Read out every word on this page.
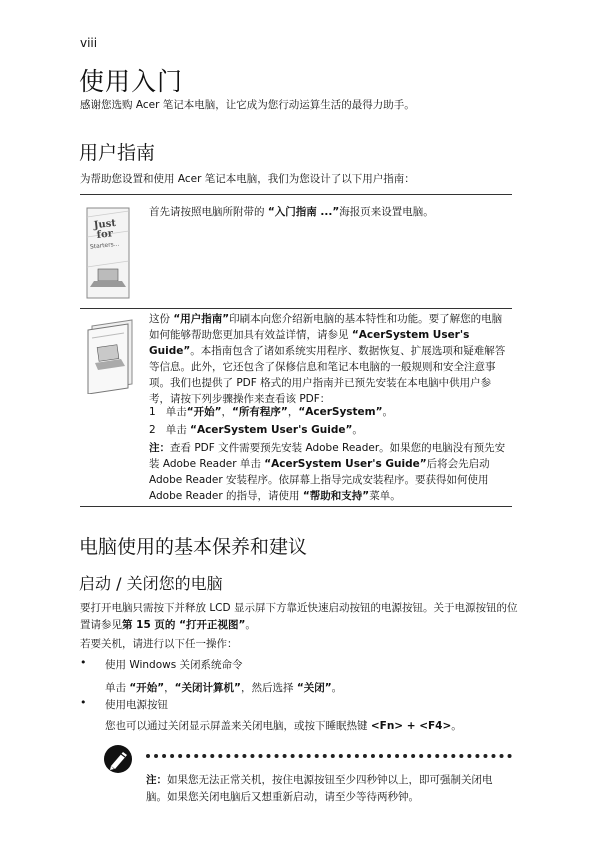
viii
使用入门
感谢您选购 Acer 笔记本电脑，让它成为您行动运算生活的最得力助手。
用户指南
为帮助您设置和使用 Acer 笔记本电脑，我们为您设计了以下用户指南：
Just
for
Starters...
首先请按照电脑所附带的 “入门指南 ...”海报页来设置电脑。
这份 “用户指南”印刷本向您介绍新电脑的基本特性和功能。要了解您的电脑如何能够帮助您更加具有效益详情，请参见 “AcerSystem User's Guide”。本指南包含了诸如系统实用程序、数据恢复、扩展选项和疑难解答等信息。此外，它还包含了保修信息和笔记本电脑的一般规则和安全注意事项。我们也提供了 PDF 格式的用户指南并已预先安装在本电脑中供用户参考，请按下列步骤操作来查看该 PDF：
1 单击“开始”，“所有程序”，“AcerSystem”。
2 单击 “AcerSystem User's Guide”。
注：查看 PDF 文件需要预先安装 Adobe Reader。如果您的电脑没有预先安装 Adobe Reader 单击 “AcerSystem User's Guide”后将会先启动 Adobe Reader 安装程序。依屏幕上指导完成安装程序。要获得如何使用 Adobe Reader 的指导，请使用 “帮助和支持”菜单。
电脑使用的基本保养和建议
启动 / 关闭您的电脑
要打开电脑只需按下并释放 LCD 显示屏下方靠近快速启动按钮的电源按钮。关于电源按钮的位置请参见第 15 页的 “打开正视图”。
若要关机，请进行以下任一操作：
• 使用 Windows 关闭系统命令
单击 “开始”，“关闭计算机”，然后选择 “关闭”。
• 使用电源按钮
您也可以通过关闭显示屏盖来关闭电脑，或按下睡眠热键 <Fn> + <F4>。
注：如果您无法正常关机，按住电源按钮至少四秒钟以上，即可强制关闭电脑。如果您关闭电脑后又想重新启动，请至少等待两秒钟。
